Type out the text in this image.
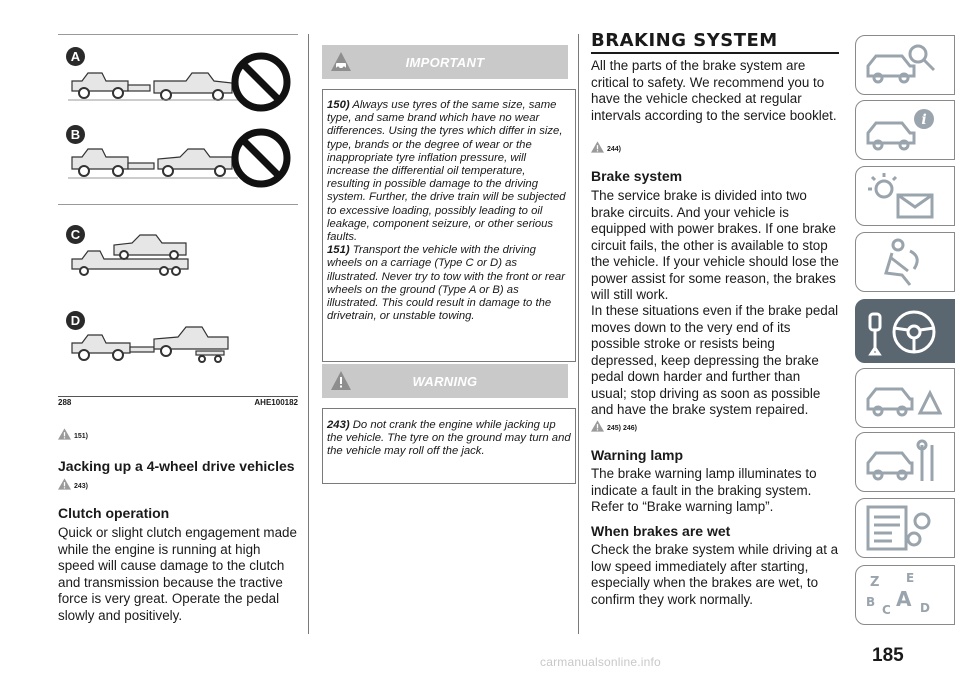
A
B
C
D
288	AHE100182
151)
Jacking up a 4-wheel drive vehicles
243)
Clutch operation

Quick or slight clutch engagement made while the engine is running at high speed will cause damage to the clutch and transmission because the tractive force is very great. Operate the pedal slowly and positively.

IMPORTANT

150) Always use tyres of the same size, same type, and same brand which have no wear differences. Using the tyres which differ in size, type, brands or the degree of wear or the inappropriate tyre inflation pressure, will increase the differential oil temperature, resulting in possible damage to the driving system. Further, the drive train will be subjected to excessive loading, possibly leading to oil leakage, component seizure, or other serious faults.

151) Transport the vehicle with the driving wheels on a carriage (Type C or D) as illustrated. Never try to tow with the front or rear wheels on the ground (Type A or B) as illustrated. This could result in damage to the drivetrain, or unstable towing.

WARNING

243) Do not crank the engine while jacking up the vehicle. The tyre on the ground may turn and the vehicle may roll off the jack.

BRAKING SYSTEM

All the parts of the brake system are critical to safety. We recommend you to have the vehicle checked at regular intervals according to the service booklet.

244)
Brake system

The service brake is divided into two brake circuits. And your vehicle is equipped with power brakes. If one brake circuit fails, the other is available to stop the vehicle. If your vehicle should lose the power assist for some reason, the brakes will still work.

In these situations even if the brake pedal moves down to the very end of its possible stroke or resists being depressed, keep depressing the brake pedal down harder and further than usual; stop driving as soon as possible and have the brake system repaired.

245) 246)
Warning lamp

The brake warning lamp illuminates to indicate a fault in the braking system. Refer to “Brake warning lamp”.

When brakes are wet

Check the brake system while driving at a low speed immediately after starting, especially when the brakes are wet, to confirm they work normally.

i
Z E
B
C A D
185
carmanualsonline.info
